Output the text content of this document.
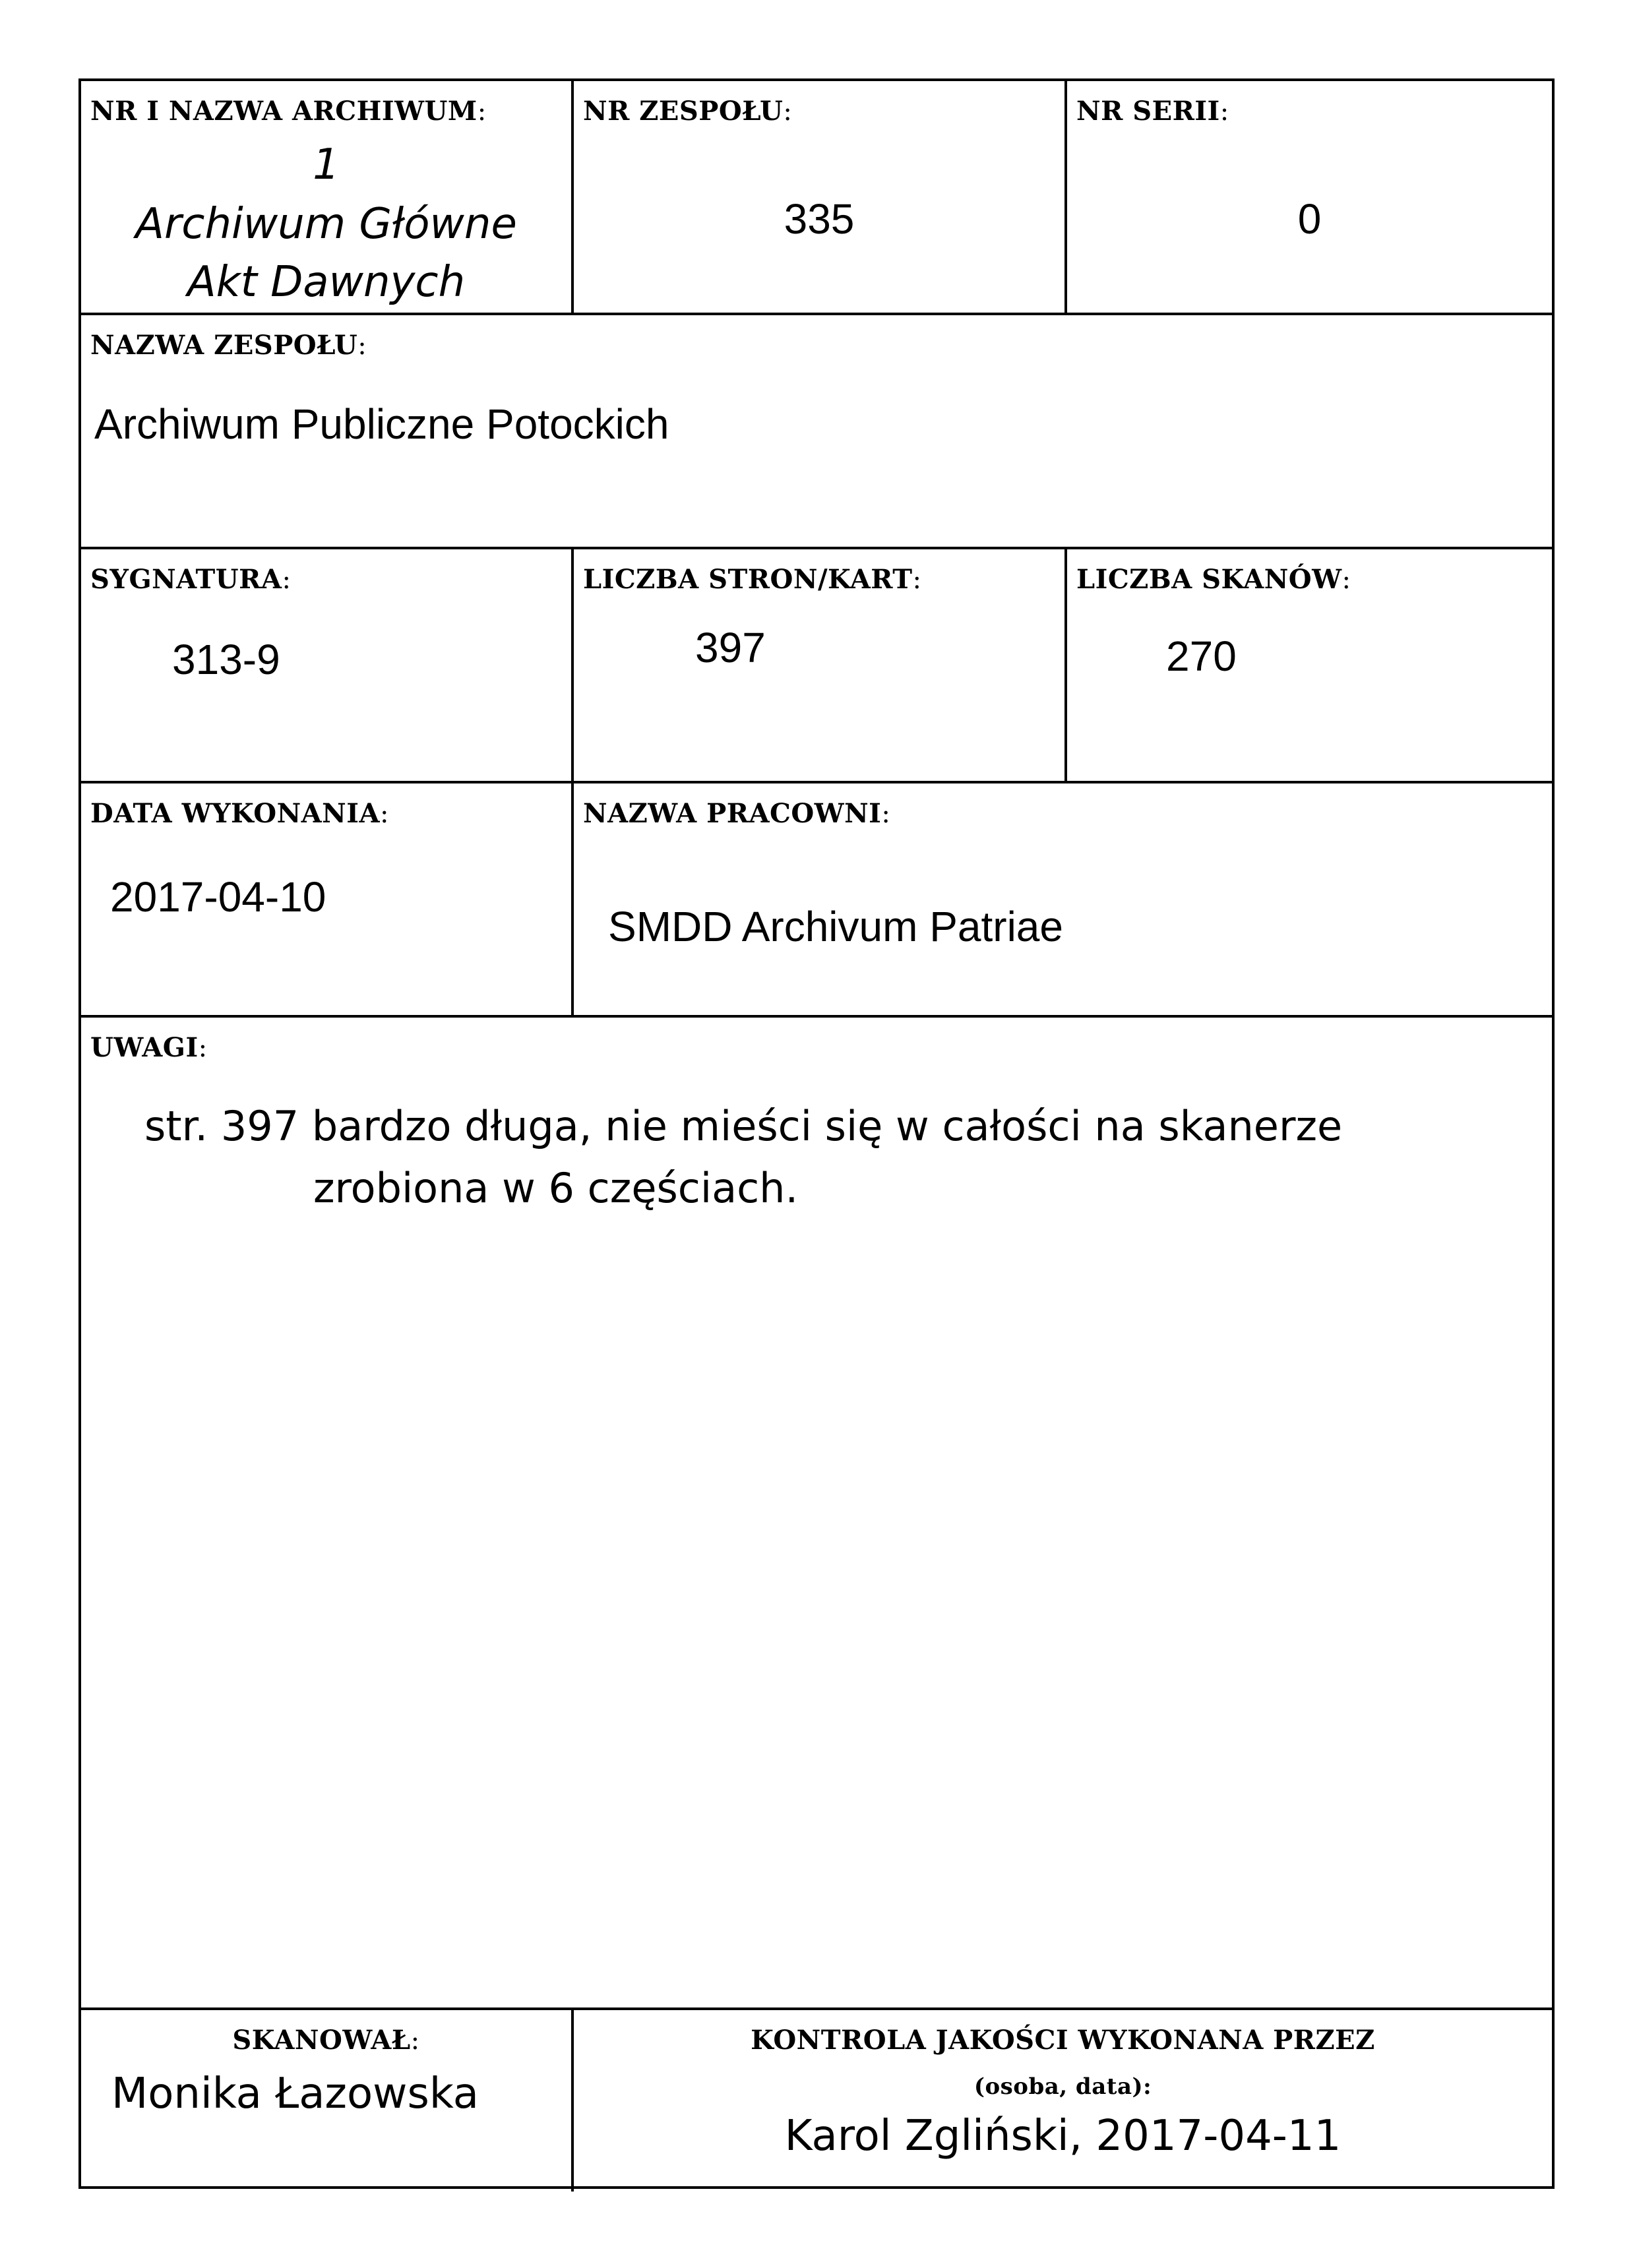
NR I NAZWA ARCHIWUM:
1
Archiwum Główne
Akt Dawnych
NR ZESPOŁU:
335
NR SERII:
0
NAZWA ZESPOŁU:
Archiwum Publiczne Potockich
SYGNATURA:
313-9
LICZBA STRON/KART:
397
LICZBA SKANÓW:
270
DATA WYKONANIA:
2017-04-10
NAZWA PRACOWNI:
SMDD Archivum Patriae
UWAGI:
str. 397 bardzo długa, nie mieści się w całości na skanerze
zrobiona w 6 częściach.
SKANOWAŁ:
Monika Łazowska
KONTROLA JAKOŚCI WYKONANA PRZEZ
(osoba, data):
Karol Zgliński, 2017-04-11
